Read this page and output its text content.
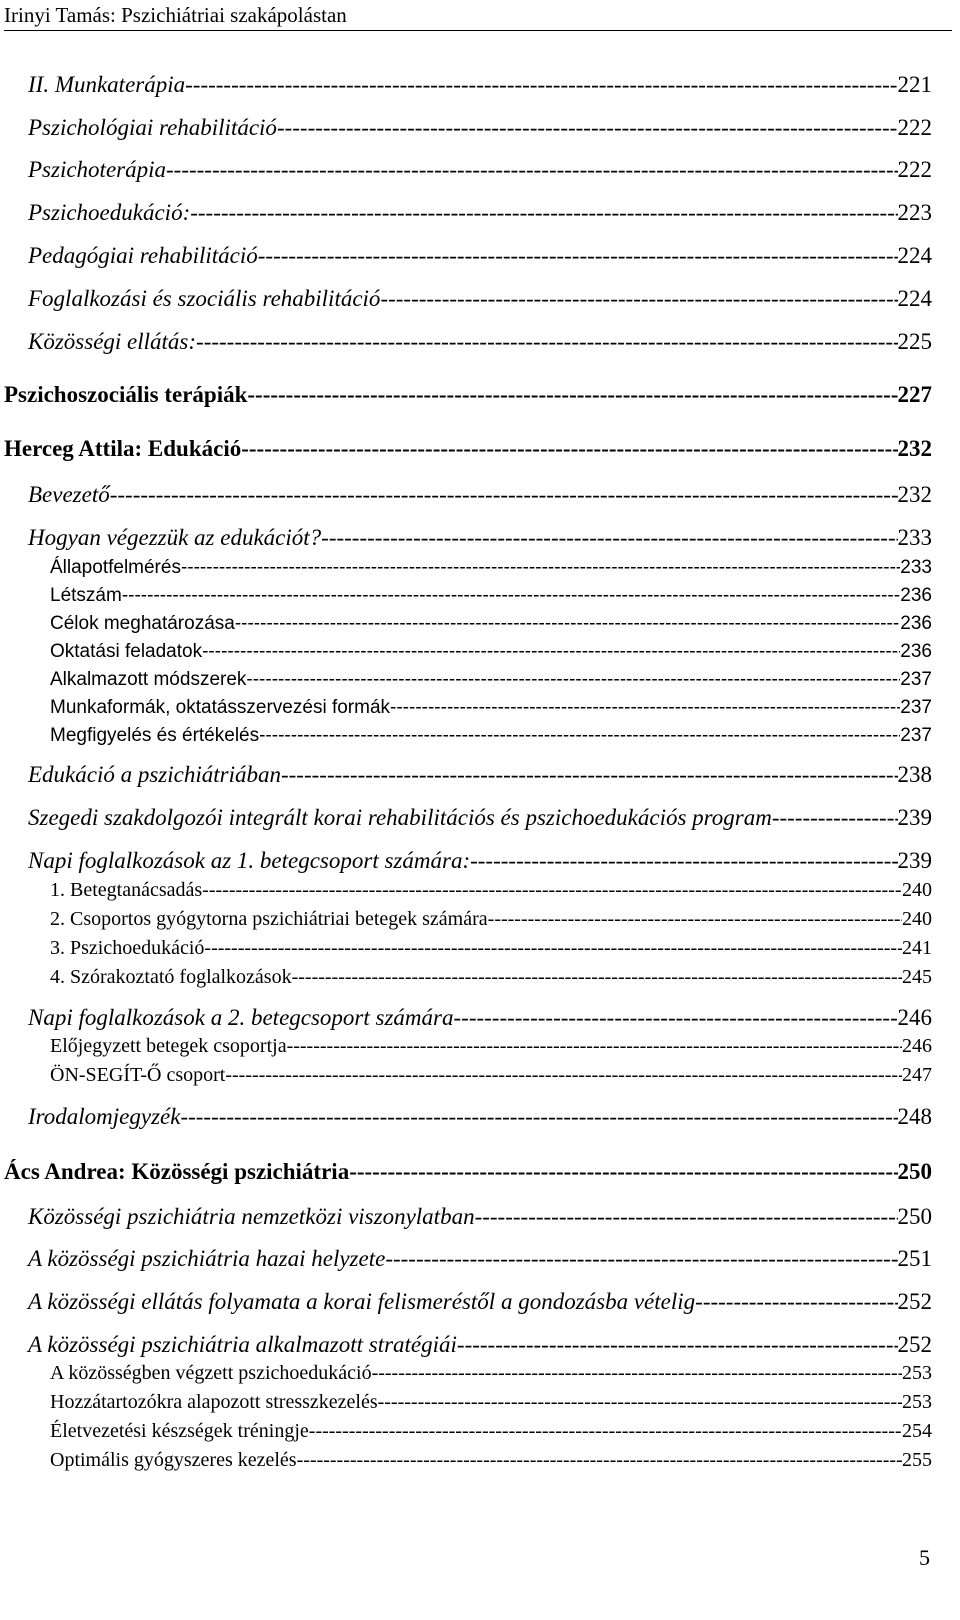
Irinyi Tamás: Pszichiátriai szakápolástan
II. Munkaterápia -----	221
Pszichológiai rehabilitáció -----	222
Pszichoterápia -----	222
Pszichoedukáció: -----	223
Pedagógiai rehabilitáció -----	224
Foglalkozási és szociális rehabilitáció -----	224
Közösségi ellátás: -----	225
Pszichoszociális terápiák -----	227
Herceg Attila: Edukáció -----	232
Bevezető -----	232
Hogyan végezzük az edukációt? -----	233
Állapotfelmérés -----	233
Létszám -----	236
Célok meghatározása -----	236
Oktatási feladatok -----	236
Alkalmazott módszerek -----	237
Munkaformák, oktatásszervezési formák -----	237
Megfigyelés és értékelés -----	237
Edukáció a pszichiátriában -----	238
Szegedi szakdolgozói integrált korai rehabilitációs és pszichoedukációs program -----	239
Napi foglalkozások az 1. betegcsoport számára: -----	239
1. Betegtanácsadás -----	240
2. Csoportos gyógytorna pszichiátriai betegek számára -----	240
3. Pszichoedukáció -----	241
4. Szórakoztató foglalkozások -----	245
Napi foglalkozások a 2. betegcsoport számára -----	246
Előjegyzett betegek csoportja -----	246
ÖN-SEGÍT-Ő csoport -----	247
Irodalomjegyzék -----	248
Ács Andrea: Közösségi pszichiátria -----	250
Közösségi pszichiátria nemzetközi viszonylatban -----	250
A közösségi pszichiátria hazai helyzete -----	251
A közösségi ellátás folyamata a korai felismeréstől a gondozásba vételig -----	252
A közösségi pszichiátria alkalmazott stratégiái -----	252
A közösségben végzett pszichoedukáció -----	253
Hozzátartozókra alapozott stresszkezelés -----	253
Életvezetési készségek tréningje -----	254
Optimális gyógyszeres kezelés -----	255
5
